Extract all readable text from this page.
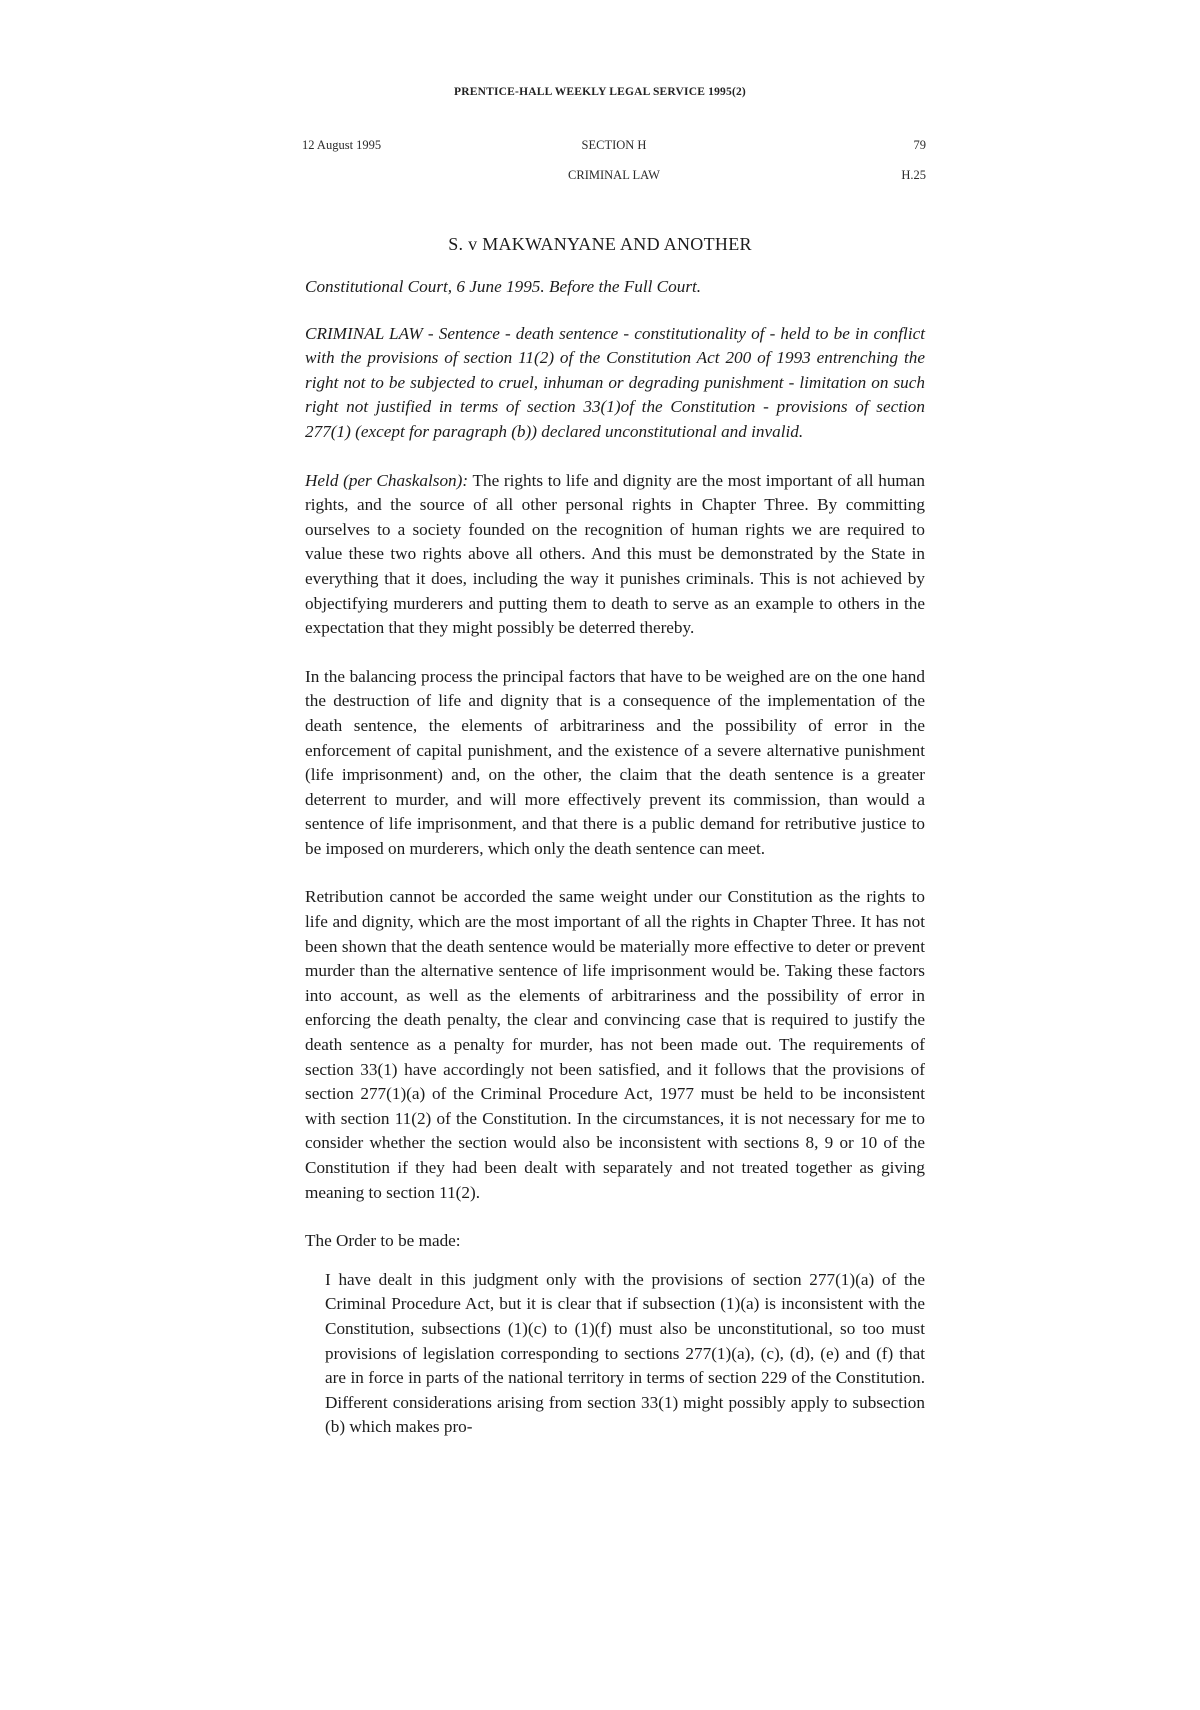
PRENTICE-HALL WEEKLY LEGAL SERVICE 1995(2)
12 August 1995	SECTION H	79
CRIMINAL LAW	H.25
S. v MAKWANYANE AND ANOTHER

Constitutional Court, 6 June 1995. Before the Full Court.

CRIMINAL LAW - Sentence - death sentence - constitutionality of - held to be in conflict with the provisions of section 11(2) of the Constitution Act 200 of 1993 entrenching the right not to be subjected to cruel, inhuman or degrading punishment - limitation on such right not justified in terms of section 33(1)of the Constitution - provisions of section 277(1) (except for paragraph (b)) declared unconstitutional and invalid.

Held (per Chaskalson): The rights to life and dignity are the most important of all human rights, and the source of all other personal rights in Chapter Three. By committing ourselves to a society founded on the recognition of human rights we are required to value these two rights above all others. And this must be demonstrated by the State in everything that it does, including the way it punishes criminals. This is not achieved by objectifying murderers and putting them to death to serve as an example to others in the expectation that they might possibly be deterred thereby.

In the balancing process the principal factors that have to be weighed are on the one hand the destruction of life and dignity that is a consequence of the implementation of the death sentence, the elements of arbitrariness and the possibility of error in the enforcement of capital punishment, and the existence of a severe alternative punishment (life imprisonment) and, on the other, the claim that the death sentence is a greater deterrent to murder, and will more effectively prevent its commission, than would a sentence of life imprisonment, and that there is a public demand for retributive justice to be imposed on murderers, which only the death sentence can meet.

Retribution cannot be accorded the same weight under our Constitution as the rights to life and dignity, which are the most important of all the rights in Chapter Three. It has not been shown that the death sentence would be materially more effective to deter or prevent murder than the alternative sentence of life imprisonment would be. Taking these factors into account, as well as the elements of arbitrariness and the possibility of error in enforcing the death penalty, the clear and convincing case that is required to justify the death sentence as a penalty for murder, has not been made out. The requirements of section 33(1) have accordingly not been satisfied, and it follows that the provisions of section 277(1)(a) of the Criminal Procedure Act, 1977 must be held to be inconsistent with section 11(2) of the Constitution. In the circumstances, it is not necessary for me to consider whether the section would also be inconsistent with sections 8, 9 or 10 of the Constitution if they had been dealt with separately and not treated together as giving meaning to section 11(2).

The Order to be made:

I have dealt in this judgment only with the provisions of section 277(1)(a) of the Criminal Procedure Act, but it is clear that if subsection (1)(a) is inconsistent with the Constitution, subsections (1)(c) to (1)(f) must also be unconstitutional, so too must provisions of legislation corresponding to sections 277(1)(a), (c), (d), (e) and (f) that are in force in parts of the national territory in terms of section 229 of the Constitution. Different considerations arising from section 33(1) might possibly apply to subsection (b) which makes pro-
